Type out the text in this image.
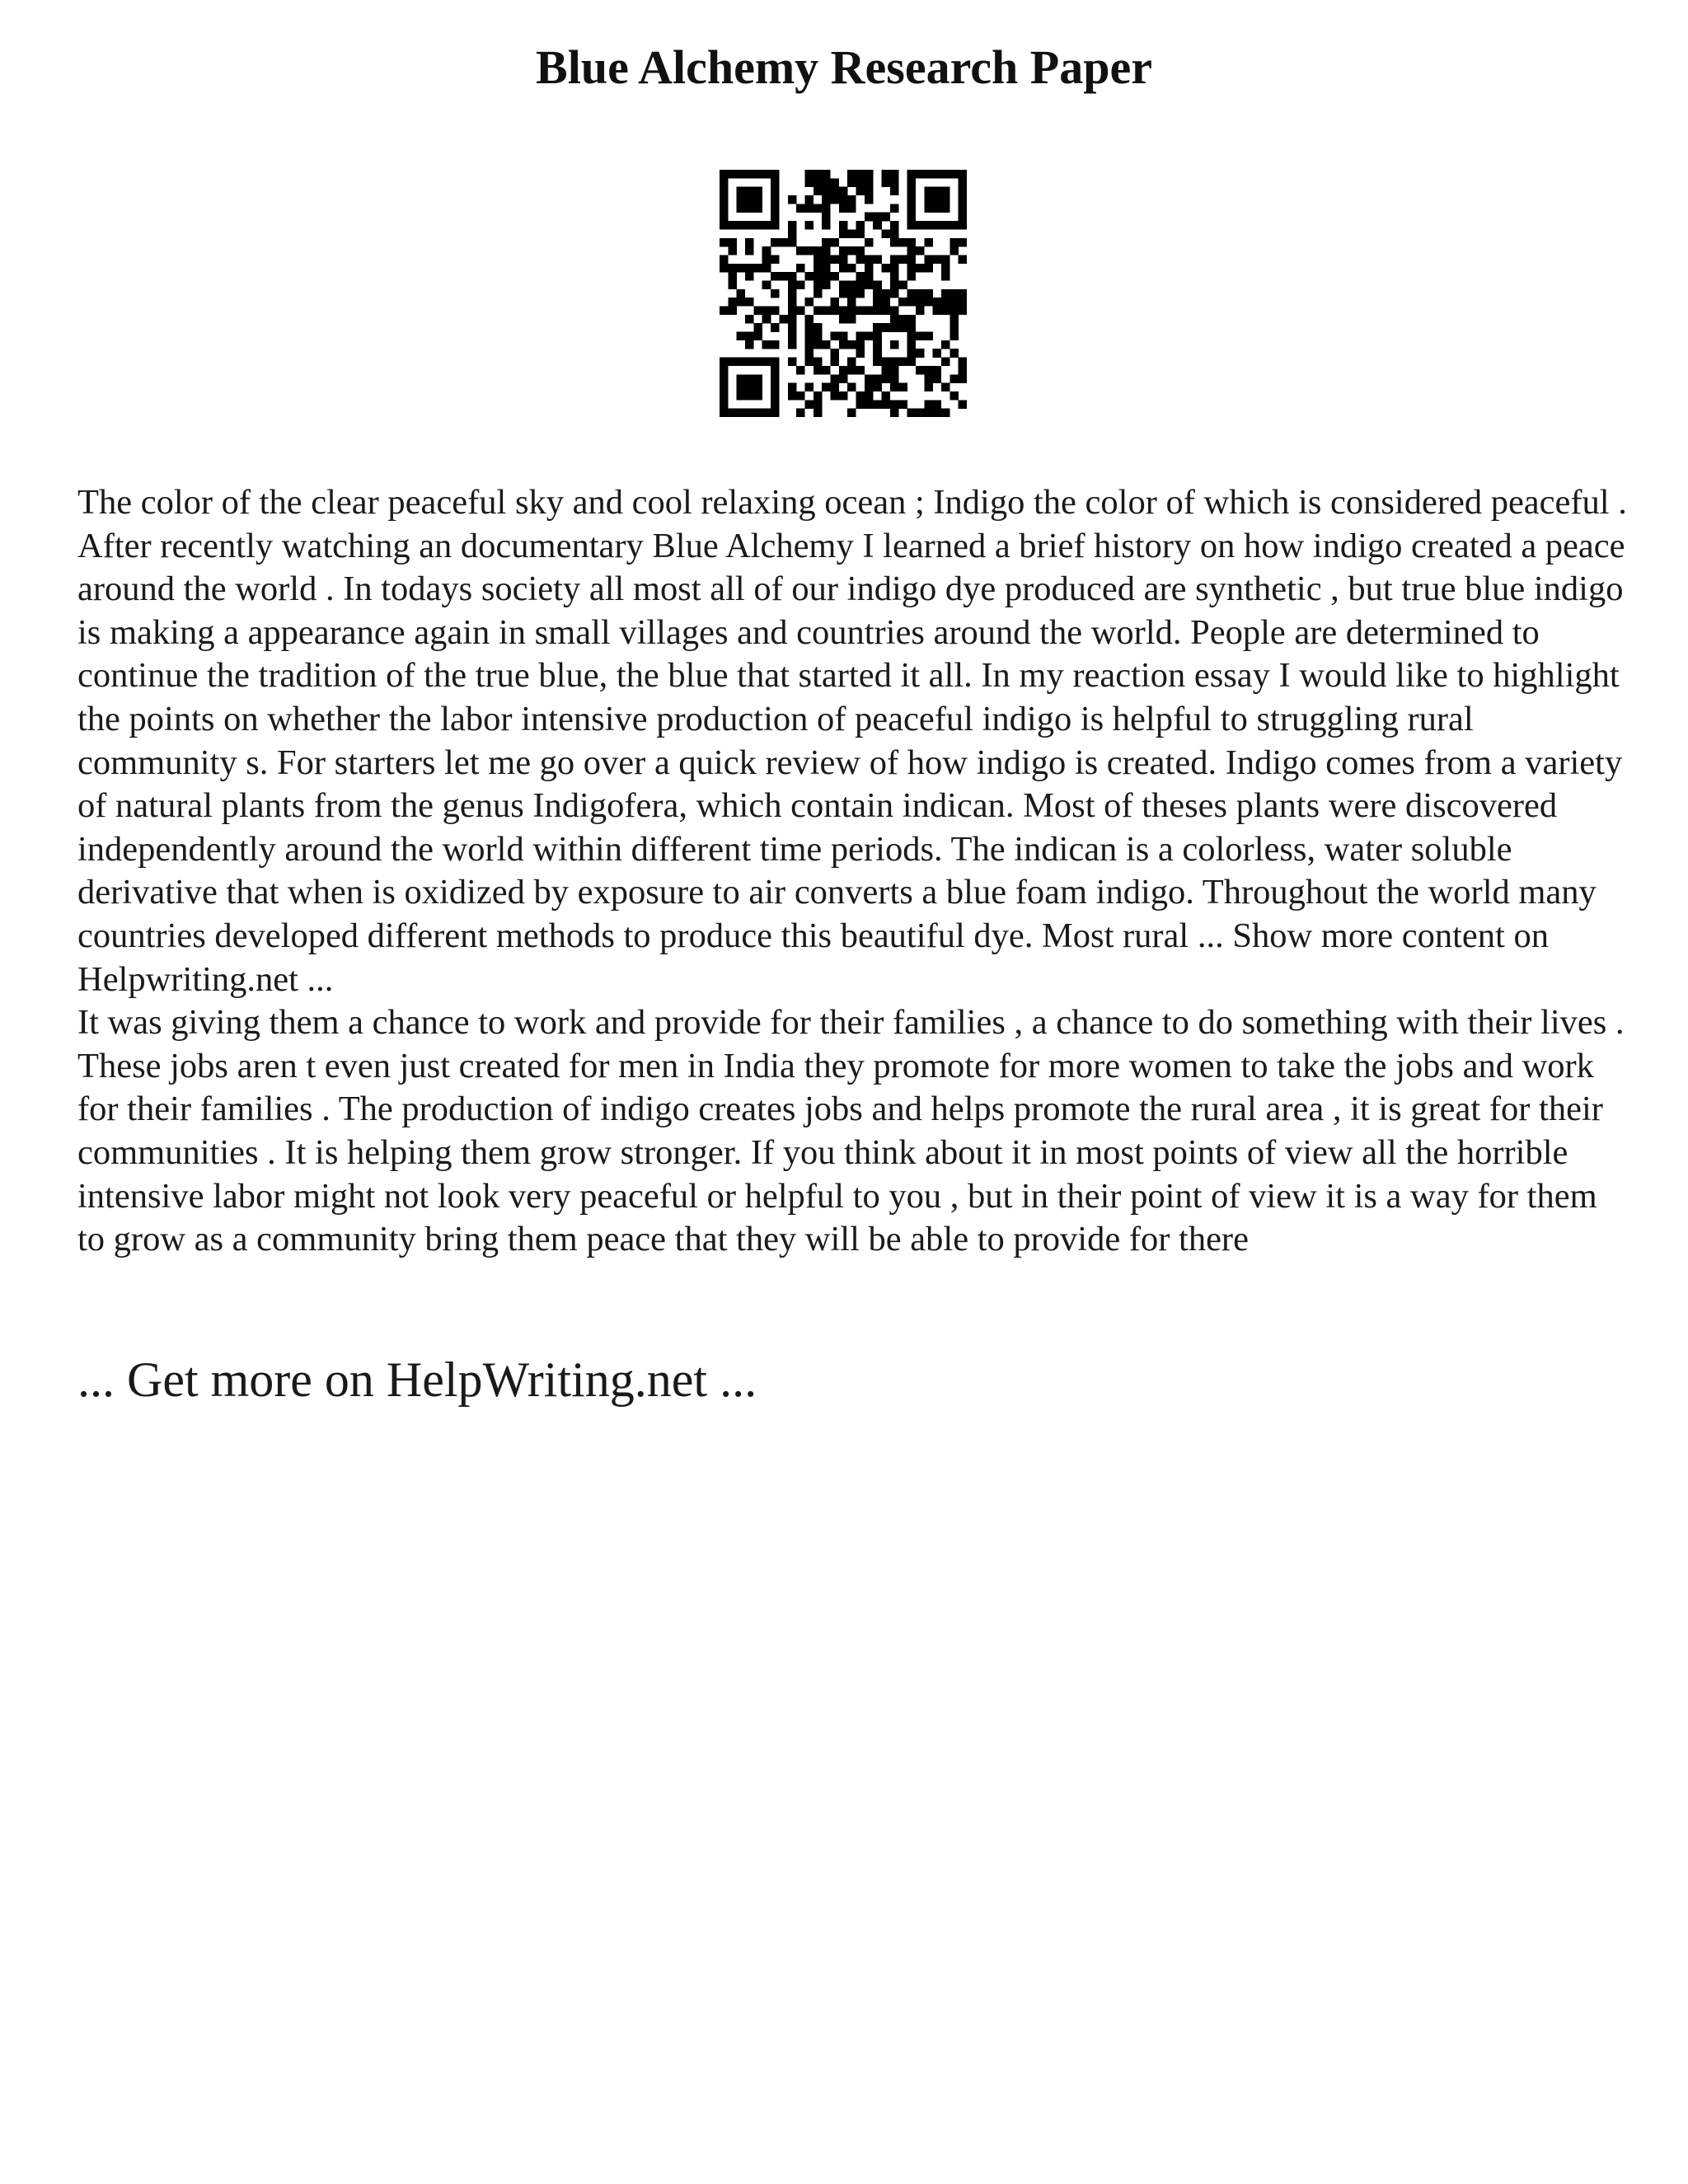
Blue Alchemy Research Paper

The color of the clear peaceful sky and cool relaxing ocean ; Indigo the color of which is considered peaceful . After recently watching an documentary Blue Alchemy I learned a brief history on how indigo created a peace around the world . In todays society all most all of our indigo dye produced are synthetic , but true blue indigo is making a appearance again in small villages and countries around the world. People are determined to continue the tradition of the true blue, the blue that started it all. In my reaction essay I would like to highlight the points on whether the labor intensive production of peaceful indigo is helpful to struggling rural community s. For starters let me go over a quick review of how indigo is created. Indigo comes from a variety of natural plants from the genus Indigofera, which contain indican. Most of theses plants were discovered independently around the world within different time periods. The indican is a colorless, water soluble derivative that when is oxidized by exposure to air converts a blue foam indigo. Throughout the world many countries developed different methods to produce this beautiful dye. Most rural ... Show more content on Helpwriting.net ...

It was giving them a chance to work and provide for their families , a chance to do something with their lives . These jobs aren t even just created for men in India they promote for more women to take the jobs and work for their families . The production of indigo creates jobs and helps promote the rural area , it is great for their communities . It is helping them grow stronger. If you think about it in most points of view all the horrible intensive labor might not look very peaceful or helpful to you , but in their point of view it is a way for them to grow as a community bring them peace that they will be able to provide for there

... Get more on HelpWriting.net ...
